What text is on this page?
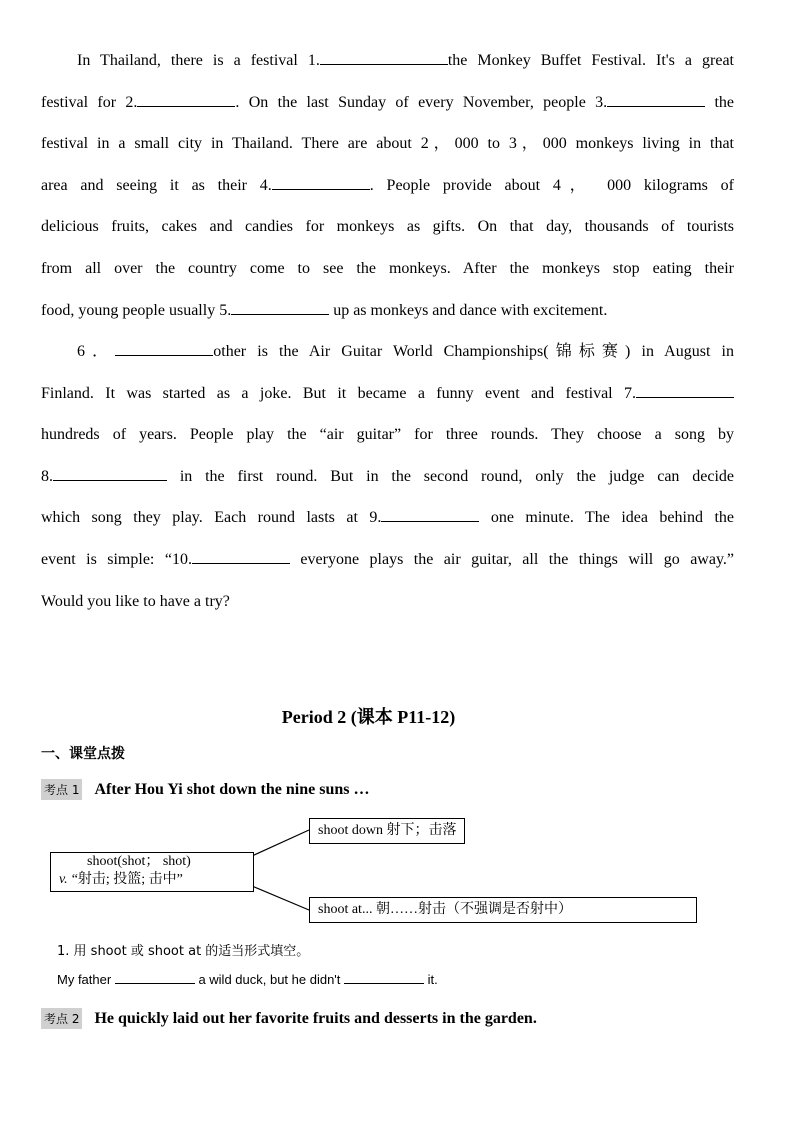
In Thailand, there is a festival 1.	the Monkey Buffet Festival. It's a great
festival for 2.	. On the last Sunday of every November, people 3.	the
festival in a small city in Thailand. There are about 2，000 to 3，000 monkeys living in that
area and seeing it as their 4.	. People provide about 4， 000 kilograms of
delicious fruits, cakes and candies for monkeys as gifts. On that day, thousands of tourists
from all over the country come to see the monkeys. After the monkeys stop eating their
food, young people usually 5.	up as monkeys and dance with excitement.
6．	other is the Air Guitar World Championships(锦标赛) in August in
Finland. It was started as a joke. But it became a funny event and festival 7.
hundreds of years. People play the “air guitar” for three rounds. They choose a song by
8.	in the first round. But in the second round, only the judge can decide
which song they play. Each round lasts at 9.	one minute. The idea behind the
event is simple: “10.	everyone plays the air guitar, all the things will go away.”
Would you like to have a try?
Period 2 (课本 P11-12)
一、课堂点拨
考点 1 After Hou Yi shot down the nine suns …
shoot(shot； shot)
v. “射击; 投篮; 击中”
shoot down 射下；击落
shoot at... 朝……射击（不强调是否射中）
1. 用 shoot 或 shoot at 的适当形式填空。
My father	a wild duck, but he didn't	it.
考点 2 He quickly laid out her favorite fruits and desserts in the garden.
